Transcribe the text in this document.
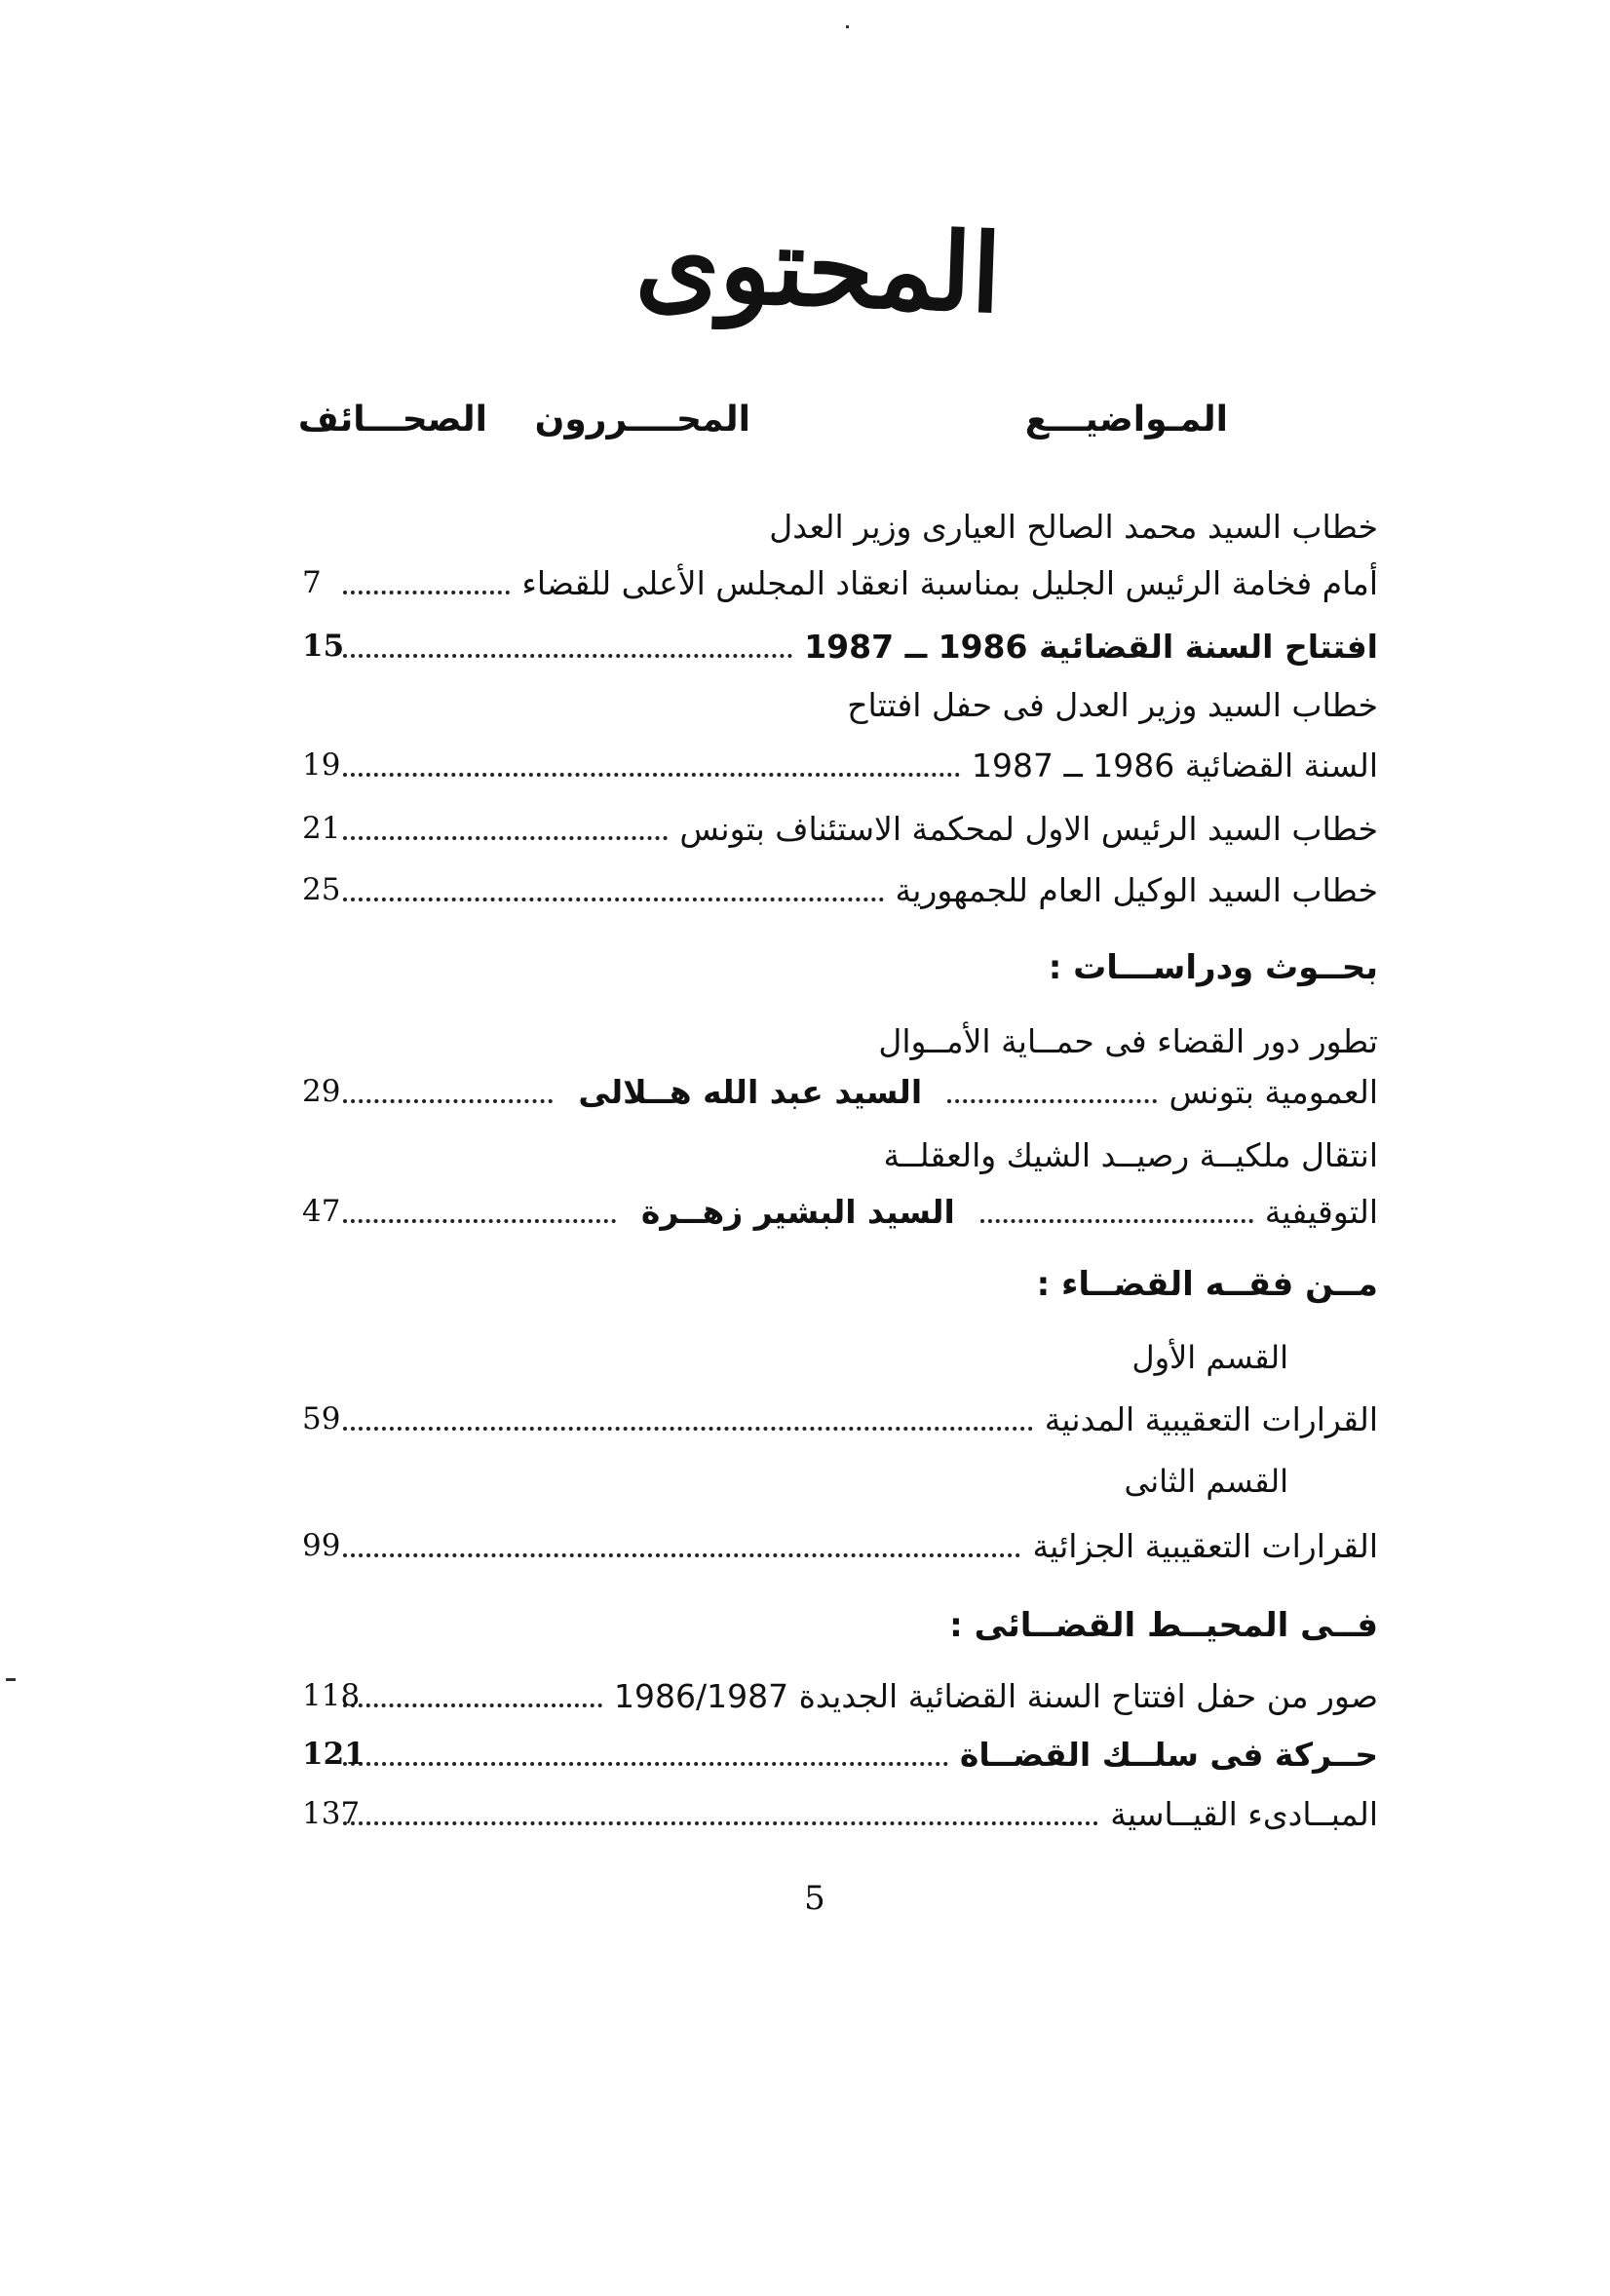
المحتوى
المـواضيـــع
المحــــررون
الصحـــائف
خطاب السيد محمد الصالح العيارى وزير العدل
أمام فخامة الرئيس الجليل بمناسبة انعقاد المجلس الأعلى للقضاء
7
افتتاح السنة القضائية 1986 ــ 1987
15
خطاب السيد وزير العدل فى حفل افتتاح
السنة القضائية 1986 ــ 1987
19
خطاب السيد الرئيس الاول لمحكمة الاستئناف بتونس
21
خطاب السيد الوكيل العام للجمهورية
25
بحــوث ودراســـات :
تطور دور القضاء فى حمــاية الأمــوال
العمومية بتونس
السيد عبد الله هــلالى
29
انتقال ملكيــة رصيــد الشيك والعقلــة
التوقيفية
السيد البشير زهــرة
47
مــن فقــه القضــاء :
القسم الأول
القرارات التعقيبية المدنية
59
القسم الثانى
القرارات التعقيبية الجزائية
99
فــى المحيــط القضــائى :
صور من حفل افتتاح السنة القضائية الجديدة 1986/1987
118
حــركة فى سلــك القضــاة
121
المبــادىء القيــاسية
137
5
